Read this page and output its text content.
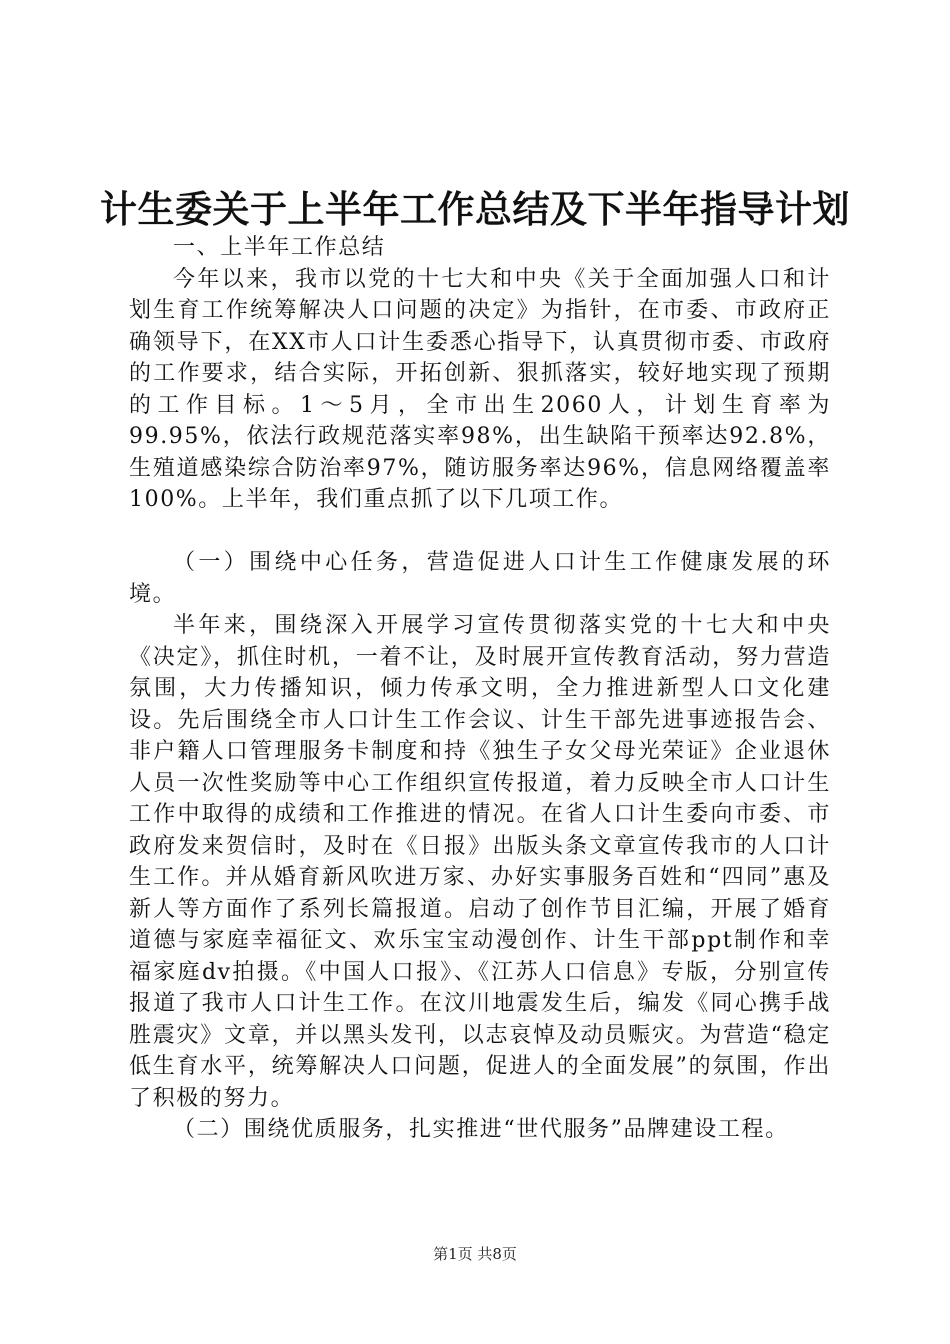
计生委关于上半年工作总结及下半年指导计划

一、上半年工作总结

今年以来，我市以党的十七大和中央《关于全面加强人口和计划生育工作统筹解决人口问题的决定》为指针，在市委、市政府正确领导下，在XX市人口计生委悉心指导下，认真贯彻市委、市政府的工作要求，结合实际，开拓创新、狠抓落实，较好地实现了预期的工作目标。1～5月，全市出生2060人，计划生育率为99.95%，依法行政规范落实率98%，出生缺陷干预率达92.8%，生殖道感染综合防治率97%，随访服务率达96%，信息网络覆盖率100%。上半年，我们重点抓了以下几项工作。

（一）围绕中心任务，营造促进人口计生工作健康发展的环境。

半年来，围绕深入开展学习宣传贯彻落实党的十七大和中央《决定》，抓住时机，一着不让，及时展开宣传教育活动，努力营造氛围，大力传播知识，倾力传承文明，全力推进新型人口文化建设。先后围绕全市人口计生工作会议、计生干部先进事迹报告会、非户籍人口管理服务卡制度和持《独生子女父母光荣证》企业退休人员一次性奖励等中心工作组织宣传报道，着力反映全市人口计生工作中取得的成绩和工作推进的情况。在省人口计生委向市委、市政府发来贺信时，及时在《日报》出版头条文章宣传我市的人口计生工作。并从婚育新风吹进万家、办好实事服务百姓和“四同”惠及新人等方面作了系列长篇报道。启动了创作节目汇编，开展了婚育道德与家庭幸福征文、欢乐宝宝动漫创作、计生干部ppt制作和幸福家庭dv拍摄。《中国人口报》、《江苏人口信息》专版，分别宣传报道了我市人口计生工作。在汶川地震发生后，编发《同心携手战胜震灾》文章，并以黑头发刊，以志哀悼及动员赈灾。为营造“稳定低生育水平，统筹解决人口问题，促进人的全面发展”的氛围，作出了积极的努力。

（二）围绕优质服务，扎实推进“世代服务”品牌建设工程。

第1页 共8页
